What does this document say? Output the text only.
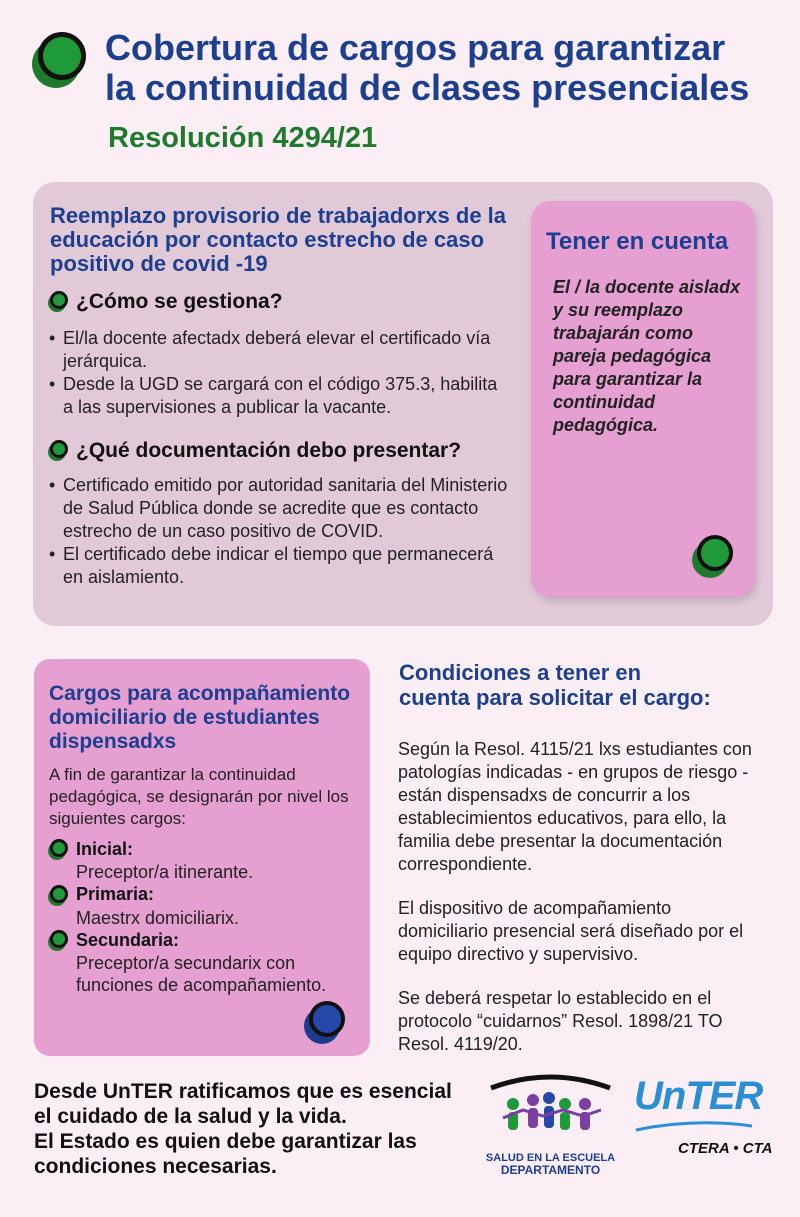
Cobertura de cargos para garantizar
la continuidad de clases presenciales
Resolución 4294/21
Reemplazo provisorio de trabajadorxs de la educación por contacto estrecho de caso positivo de covid -19
¿Cómo se gestiona?
• El/la docente afectadx deberá elevar el certificado vía jerárquica.
• Desde la UGD se cargará con el código 375.3, habilita a las supervisiones a publicar la vacante.
¿Qué documentación debo presentar?
• Certificado emitido por autoridad sanitaria del Ministerio de Salud Pública donde se acredite que es contacto estrecho de un caso positivo de COVID.
• El certificado debe indicar el tiempo que permanecerá en aislamiento.
Tener en cuenta
El / la docente aisladx y su reemplazo trabajarán como pareja pedagógica para garantizar la continuidad pedagógica.
Cargos para acompañamiento domiciliario de estudiantes dispensadxs
A fin de garantizar la continuidad pedagógica, se designarán por nivel los siguientes cargos:
Inicial:
Preceptor/a itinerante.
Primaria:
Maestrx domiciliarix.
Secundaria:
Preceptor/a secundarix con funciones de acompañamiento.
Condiciones a tener en
cuenta para solicitar el cargo:
Según la Resol. 4115/21 lxs estudiantes con patologías indicadas - en grupos de riesgo - están dispensadxs de concurrir a los establecimientos educativos, para ello, la familia debe presentar la documentación correspondiente.
El dispositivo de acompañamiento domiciliario presencial será diseñado por el equipo directivo y supervisivo.
Se deberá respetar lo establecido en el protocolo “cuidarnos” Resol. 1898/21 TO Resol. 4119/20.
Desde UnTER ratificamos que es esencial
el cuidado de la salud y la vida.
El Estado es quien debe garantizar las
condiciones necesarias.	SALUD EN LA ESCUELA
DEPARTAMENTO
UnTER
CTERA • CTA
